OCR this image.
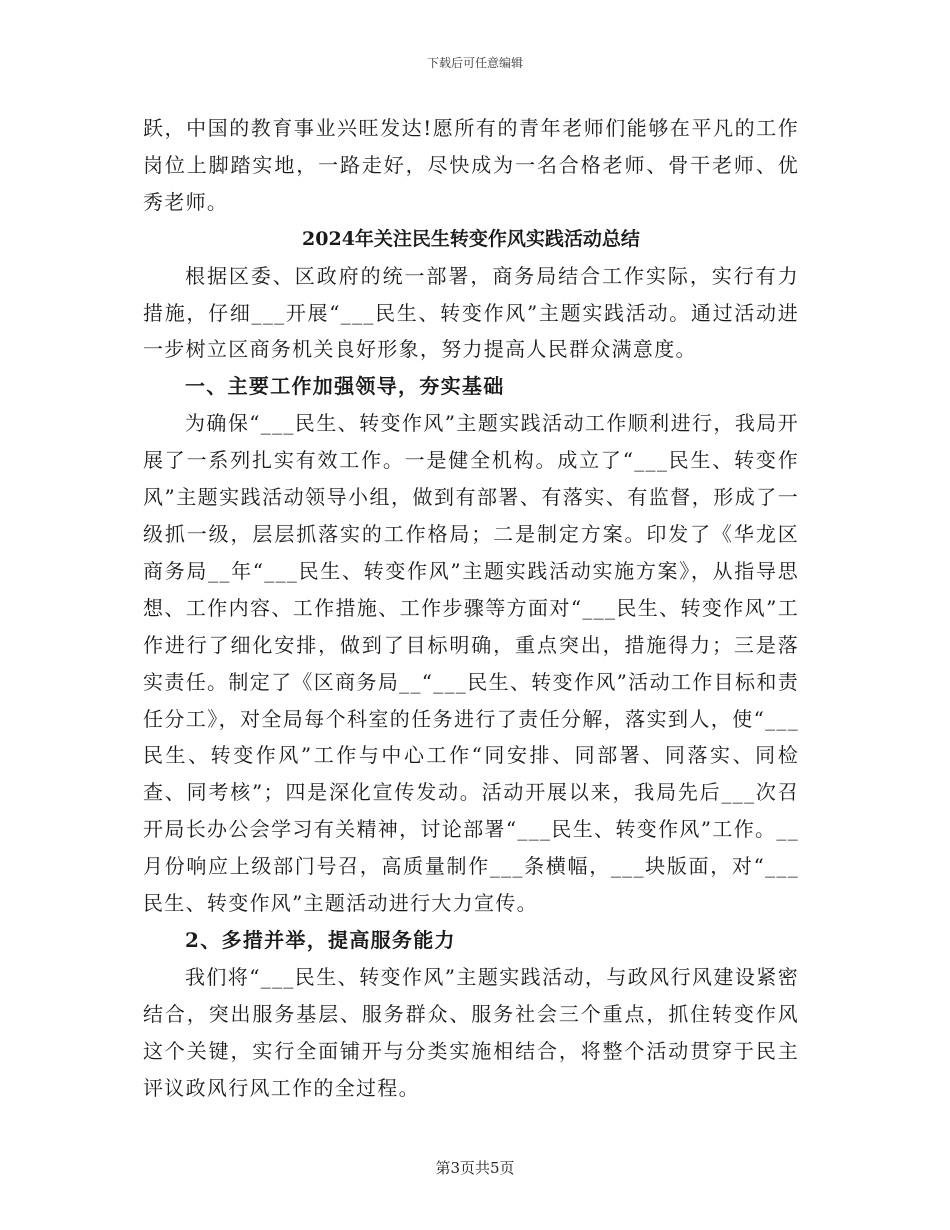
下载后可任意编辑

跃，中国的教育事业兴旺发达!愿所有的青年老师们能够在平凡的工作岗位上脚踏实地，一路走好，尽快成为一名合格老师、骨干老师、优秀老师。

2024年关注民生转变作风实践活动总结

根据区委、区政府的统一部署，商务局结合工作实际，实行有力措施，仔细___开展“___民生、转变作风”主题实践活动。通过活动进一步树立区商务机关良好形象，努力提高人民群众满意度。

一、主要工作加强领导，夯实基础

为确保“___民生、转变作风”主题实践活动工作顺利进行，我局开展了一系列扎实有效工作。一是健全机构。成立了“___民生、转变作风”主题实践活动领导小组，做到有部署、有落实、有监督，形成了一级抓一级，层层抓落实的工作格局；二是制定方案。印发了《华龙区商务局__年“___民生、转变作风”主题实践活动实施方案》，从指导思想、工作内容、工作措施、工作步骤等方面对“___民生、转变作风”工作进行了细化安排，做到了目标明确，重点突出，措施得力；三是落实责任。制定了《区商务局__“___民生、转变作风”活动工作目标和责任分工》，对全局每个科室的任务进行了责任分解，落实到人，使“___民生、转变作风”工作与中心工作“同安排、同部署、同落实、同检查、同考核”；四是深化宣传发动。活动开展以来，我局先后___次召开局长办公会学习有关精神，讨论部署“___民生、转变作风”工作。__月份响应上级部门号召，高质量制作___条横幅，___块版面，对“___民生、转变作风”主题活动进行大力宣传。

2、多措并举，提高服务能力

我们将“___民生、转变作风”主题实践活动，与政风行风建设紧密结合，突出服务基层、服务群众、服务社会三个重点，抓住转变作风这个关键，实行全面铺开与分类实施相结合，将整个活动贯穿于民主评议政风行风工作的全过程。

第3页共5页
